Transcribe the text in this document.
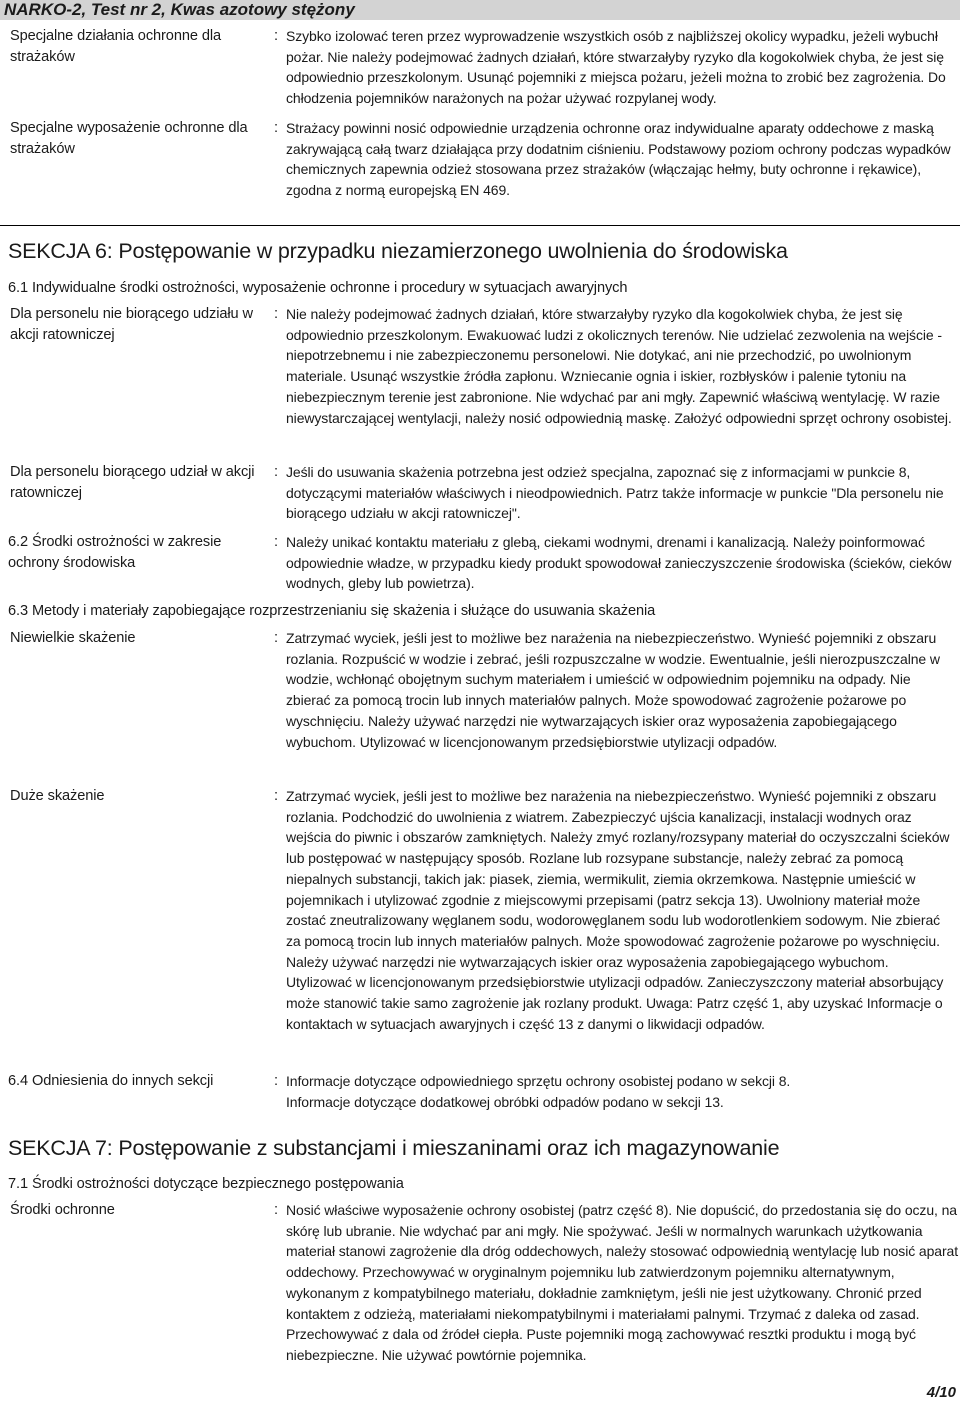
NARKO-2, Test nr 2, Kwas azotowy stężony
Specjalne działania ochronne dla strażaków
: Szybko izolować teren przez wyprowadzenie wszystkich osób z najbliższej okolicy wypadku, jeżeli wybuchł pożar. Nie należy podejmować żadnych działań, które stwarzałyby ryzyko dla kogokolwiek chyba, że jest się odpowiednio przeszkolonym. Usunąć pojemniki z miejsca pożaru, jeżeli można to zrobić bez zagrożenia. Do chłodzenia pojemników narażonych na pożar używać rozpylanej wody.
Specjalne wyposażenie ochronne dla strażaków
: Strażacy powinni nosić odpowiednie urządzenia ochronne oraz indywidualne aparaty oddechowe z maską zakrywającą całą twarz działająca przy dodatnim ciśnieniu. Podstawowy poziom ochrony podczas wypadków chemicznych zapewnia odzież stosowana przez strażaków (włączając hełmy, buty ochronne i rękawice), zgodna z normą europejską EN 469.
SEKCJA 6: Postępowanie w przypadku niezamierzonego uwolnienia do środowiska
6.1 Indywidualne środki ostrożności, wyposażenie ochronne i procedury w sytuacjach awaryjnych
Dla personelu nie biorącego udziału w akcji ratowniczej
: Nie należy podejmować żadnych działań, które stwarzałyby ryzyko dla kogokolwiek chyba, że jest się odpowiednio przeszkolonym. Ewakuować ludzi z okolicznych terenów. Nie udzielać zezwolenia na wejście - niepotrzebnemu i nie zabezpieczonemu personelowi. Nie dotykać, ani nie przechodzić, po uwolnionym materiale. Usunąć wszystkie źródła zapłonu. Wzniecanie ognia i iskier, rozbłysków i palenie tytoniu na niebezpiecznym terenie jest zabronione. Nie wdychać par ani mgły. Zapewnić właściwą wentylację. W razie niewystarczającej wentylacji, należy nosić odpowiednią maskę. Założyć odpowiedni sprzęt ochrony osobistej.
Dla personelu biorącego udział w akcji ratowniczej
: Jeśli do usuwania skażenia potrzebna jest odzież specjalna, zapoznać się z informacjami w punkcie 8, dotyczącymi materiałów właściwych i nieodpowiednich. Patrz także informacje w punkcie "Dla personelu nie biorącego udziału w akcji ratowniczej".
6.2 Środki ostrożności w zakresie ochrony środowiska
: Należy unikać kontaktu materiału z glebą, ciekami wodnymi, drenami i kanalizacją. Należy poinformować odpowiednie władze, w przypadku kiedy produkt spowodował zanieczyszczenie środowiska (ścieków, cieków wodnych, gleby lub powietrza).
6.3 Metody i materiały zapobiegające rozprzestrzenianiu się skażenia i służące do usuwania skażenia
Niewielkie skażenie	: Zatrzymać wyciek, jeśli jest to możliwe bez narażenia na niebezpieczeństwo. Wynieść pojemniki z obszaru rozlania. Rozpuścić w wodzie i zebrać, jeśli rozpuszczalne w wodzie. Ewentualnie, jeśli nierozpuszczalne w wodzie, wchłonąć obojętnym suchym materiałem i umieścić w odpowiednim pojemniku na odpady. Nie zbierać za pomocą trocin lub innych materiałów palnych. Może spowodować zagrożenie pożarowe po wyschnięciu. Należy używać narzędzi nie wytwarzających iskier oraz wyposażenia zapobiegającego wybuchom. Utylizować w licencjonowanym przedsiębiorstwie utylizacji odpadów.
Duże skażenie	: Zatrzymać wyciek, jeśli jest to możliwe bez narażenia na niebezpieczeństwo. Wynieść pojemniki z obszaru rozlania. Podchodzić do uwolnienia z wiatrem. Zabezpieczyć ujścia kanalizacji, instalacji wodnych oraz wejścia do piwnic i obszarów zamkniętych. Należy zmyć rozlany/rozsypany materiał do oczyszczalni ścieków lub postępować w następujący sposób. Rozlane lub rozsypane substancje, należy zebrać za pomocą niepalnych substancji, takich jak: piasek, ziemia, wermikulit, ziemia okrzemkowa. Następnie umieścić w pojemnikach i utylizować zgodnie z miejscowymi przepisami (patrz sekcja 13). Uwolniony materiał może zostać zneutralizowany węglanem sodu, wodorowęglanem sodu lub wodorotlenkiem sodowym. Nie zbierać za pomocą trocin lub innych materiałów palnych. Może spowodować zagrożenie pożarowe po wyschnięciu. Należy używać narzędzi nie wytwarzających iskier oraz wyposażenia zapobiegającego wybuchom. Utylizować w licencjonowanym przedsiębiorstwie utylizacji odpadów. Zanieczyszczony materiał absorbujący może stanowić takie samo zagrożenie jak rozlany produkt. Uwaga: Patrz część 1, aby uzyskać Informacje o kontaktach w sytuacjach awaryjnych i część 13 z danymi o likwidacji odpadów.
6.4 Odniesienia do innych sekcji	: Informacje dotyczące odpowiedniego sprzętu ochrony osobistej podano w sekcji 8.
Informacje dotyczące dodatkowej obróbki odpadów podano w sekcji 13.
SEKCJA 7: Postępowanie z substancjami i mieszaninami oraz ich magazynowanie
7.1 Środki ostrożności dotyczące bezpiecznego postępowania
Środki ochronne	: Nosić właściwe wyposażenie ochrony osobistej (patrz część 8). Nie dopuścić, do przedostania się do oczu, na skórę lub ubranie. Nie wdychać par ani mgły. Nie spożywać. Jeśli w normalnych warunkach użytkowania materiał stanowi zagrożenie dla dróg oddechowych, należy stosować odpowiednią wentylację lub nosić aparat oddechowy. Przechowywać w oryginalnym pojemniku lub zatwierdzonym pojemniku alternatywnym, wykonanym z kompatybilnego materiału, dokładnie zamkniętym, jeśli nie jest użytkowany. Chronić przed kontaktem z odzieżą, materiałami niekompatybilnymi i materiałami palnymi. Trzymać z daleka od zasad. Przechowywać z dala od źródeł ciepła. Puste pojemniki mogą zachowywać resztki produktu i mogą być niebezpieczne. Nie używać powtórnie pojemnika.
4/10
